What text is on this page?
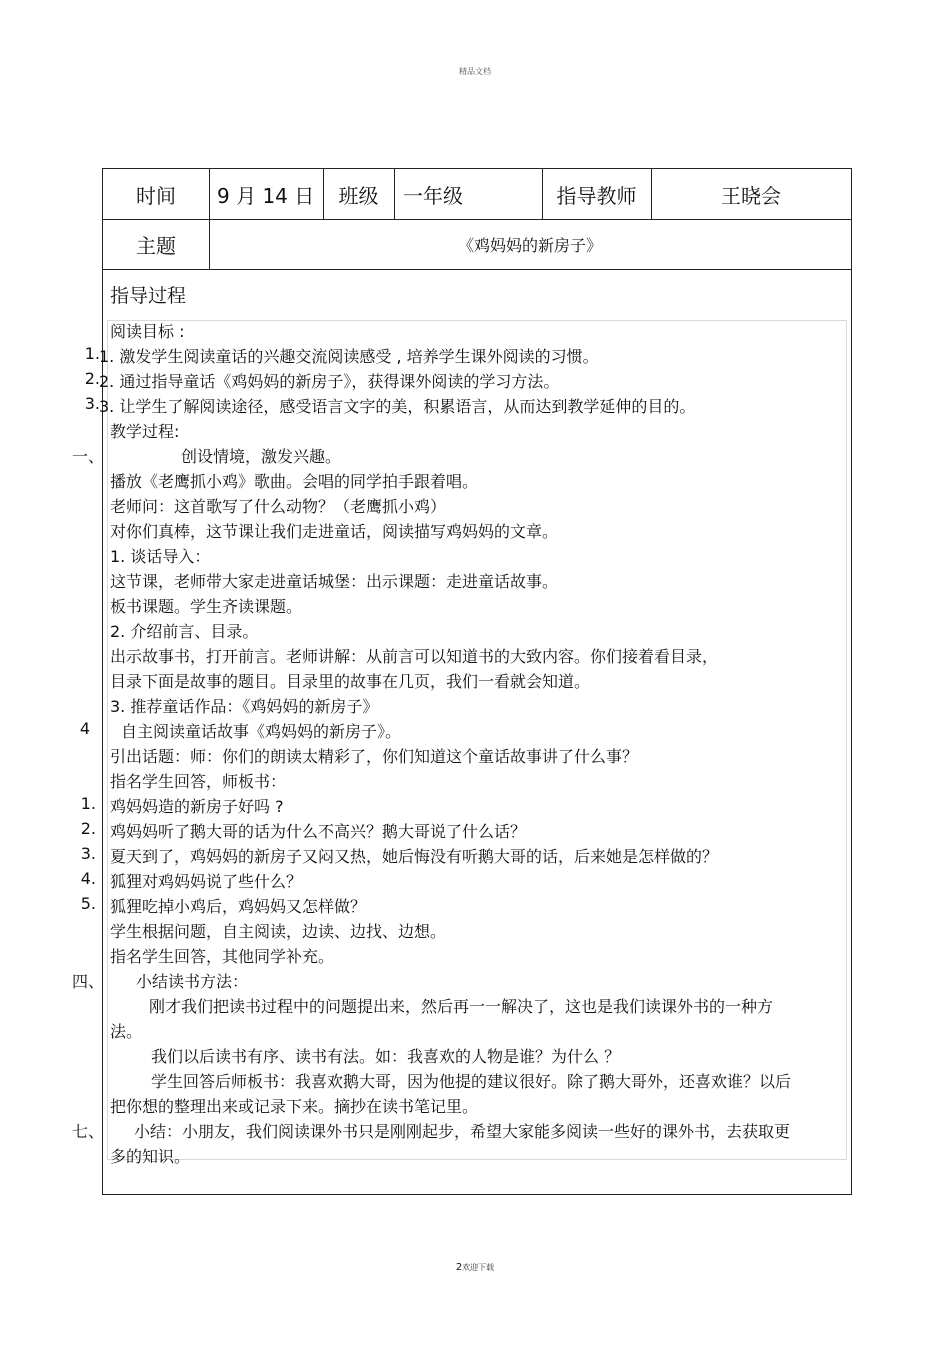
精品文档
时间	9 月 14 日	班级	一年级	指导教师	王晓会
主题	《鸡妈妈的新房子》
指导过程
阅读目标 :
1. 1. 激发学生阅读童话的兴趣交流阅读感受 , 培养学生课外阅读的习惯。
2. 2. 通过指导童话《鸡妈妈的新房子》，获得课外阅读的学习方法。
3. 3. 让学生了解阅读途径，感受语言文字的美，积累语言，从而达到教学延伸的目的。
教学过程:
一、	创设情境，激发兴趣。
播放《老鹰抓小鸡》歌曲。会唱的同学拍手跟着唱。
老师问：这首歌写了什么动物？（老鹰抓小鸡）
对你们真棒，这节课让我们走进童话，阅读描写鸡妈妈的文章。
1. 谈话导入：
这节课，老师带大家走进童话城堡：出示课题：走进童话故事。
板书课题。学生齐读课题。
2. 介绍前言、目录。
出示故事书，打开前言。老师讲解：从前言可以知道书的大致内容。你们接着看目录，
目录下面是故事的题目。目录里的故事在几页，我们一看就会知道。
3. 推荐童话作品：《鸡妈妈的新房子》
4 自主阅读童话故事《鸡妈妈的新房子》。
引出话题：师：你们的朗读太精彩了，你们知道这个童话故事讲了什么事？
指名学生回答，师板书：
1. 鸡妈妈造的新房子好吗 ?
2. 鸡妈妈听了鹅大哥的话为什么不高兴？鹅大哥说了什么话？
3. 夏天到了，鸡妈妈的新房子又闷又热，她后悔没有听鹅大哥的话，后来她是怎样做的？
4. 狐狸对鸡妈妈说了些什么？
5. 狐狸吃掉小鸡后，鸡妈妈又怎样做？
学生根据问题，自主阅读，边读、边找、边想。
指名学生回答，其他同学补充。
四、 小结读书方法：
刚才我们把读书过程中的问题提出来，然后再一一解决了，这也是我们读课外书的一种方法。
我们以后读书有序、读书有法。如：我喜欢的人物是谁？为什么 ？
学生回答后师板书：我喜欢鹅大哥，因为他提的建议很好。除了鹅大哥外，还喜欢谁？以后把你想的整理出来或记录下来。摘抄在读书笔记里。
七、	小结：小朋友，我们阅读课外书只是刚刚起步，希望大家能多阅读一些好的课外书，去获取更多的知识。
2欢迎下载
